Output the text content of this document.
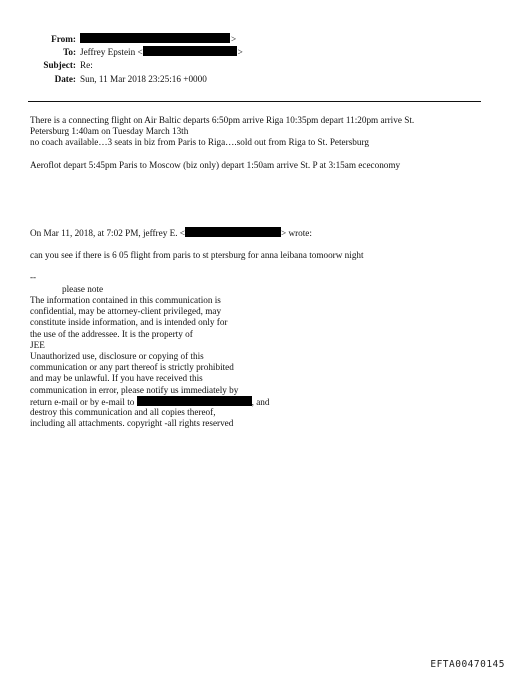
From:	>
To: Jeffrey Epstein <	>
Subject: Re:
Date: Sun, 11 Mar 2018 23:25:16 +0000
There is a connecting flight on Air Baltic departs 6:50pm arrive Riga 10:35pm depart 11:20pm arrive St.
Petersburg 1:40am on Tuesday March 13th
no coach available…3 seats in biz from Paris to Riga….sold out from Riga to St. Petersburg
Aeroflot depart 5:45pm Paris to Moscow (biz only) depart 1:50am arrive St. P at 3:15am ececonomy
On Mar 11, 2018, at 7:02 PM, jeffrey E. <	> wrote:
can you see if there is 6 05 flight from paris to st ptersburg for anna leibana tomoorw night
--
please note
The information contained in this communication is
confidential, may be attorney-client privileged, may
constitute inside information, and is intended only for
the use of the addressee. It is the property of
JEE
Unauthorized use, disclosure or copying of this
communication or any part thereof is strictly prohibited
and may be unlawful. If you have received this
communication in error, please notify us immediately by
return e-mail or by e-mail to	, and
destroy this communication and all copies thereof,
including all attachments. copyright -all rights reserved
EFTA00470145
